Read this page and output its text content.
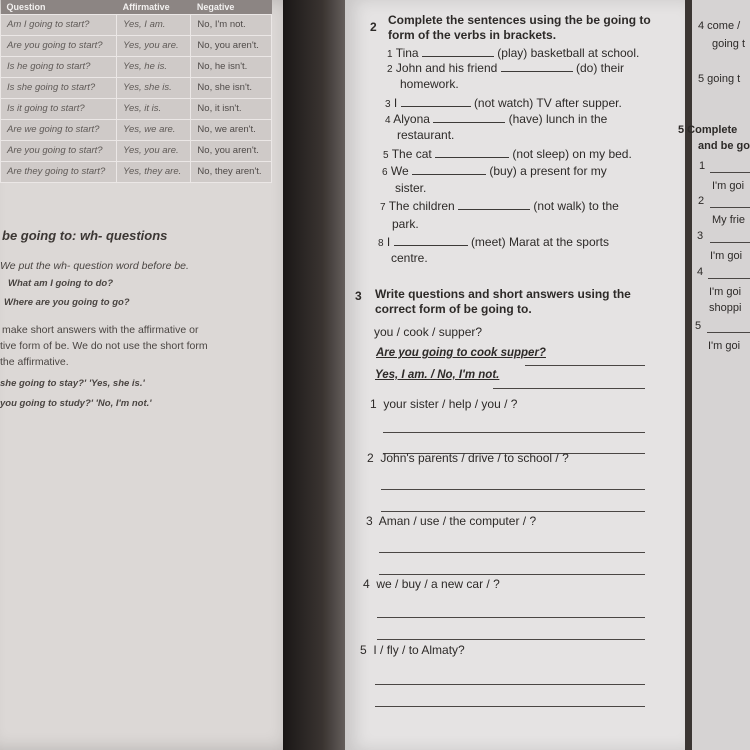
Question	Affirmative	Negative
Am I going to start?	Yes, I am.	No, I'm not.
Are you going to start?	Yes, you are.	No, you aren't.
Is he going to start?	Yes, he is.	No, he isn't.
Is she going to start?	Yes, she is.	No, she isn't.
Is it going to start?	Yes, it is.	No, it isn't.
Are we going to start?	Yes, we are.	No, we aren't.
Are you going to start?	Yes, you are.	No, you aren't.
Are they going to start?	Yes, they are.	No, they aren't.
be going to: wh- questions
We put the wh- question word before be.
What am I going to do?
Where are you going to go?
make short answers with the affirmative or
tive form of be. We do not use the short form
the affirmative.
she going to stay?' 'Yes, she is.'
you going to study?' 'No, I'm not.'
2 Complete the sentences using the be going to
form of the verbs in brackets.
1 Tina	(play) basketball at school.
2 John and his friend	(do) their
homework.
3 I	(not watch) TV after supper.
4 Alyona	(have) lunch in the
restaurant.
5 The cat	(not sleep) on my bed.
6 We	(buy) a present for my
sister.
7 The children	(not walk) to the
park.
8 I	(meet) Marat at the sports
centre.
3 Write questions and short answers using the
correct form of be going to.
you / cook / supper?
Are you going to cook supper?
Yes, I am. / No, I'm not.
1 your sister / help / you / ?
2 John's parents / drive / to school / ?
3 Aman / use / the computer / ?
4 we / buy / a new car / ?
5 I / fly / to Almaty?
4 come /
going t
5 going t
5 Complete
and be go
1
I'm goi
2
My frie
3
I'm goi
4
I'm goi
shoppi
5
I'm goi
